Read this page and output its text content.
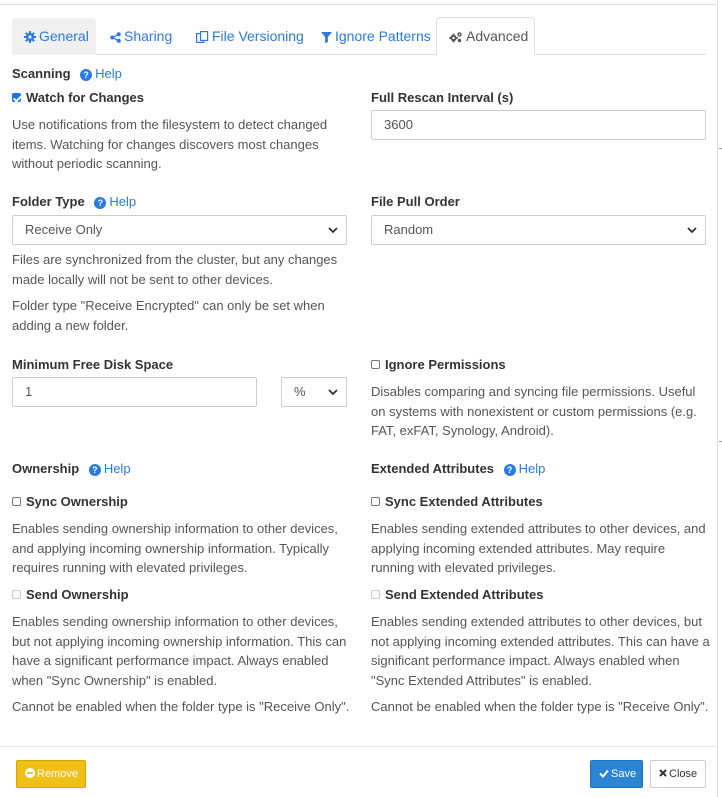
General	Sharing	File Versioning	Ignore Patterns	Advanced
Scanning ? Help
Watch for Changes
Use notifications from the filesystem to detect changed items. Watching for changes discovers most changes without periodic scanning.
Full Rescan Interval (s)
3600
Folder Type ? Help
Receive Only
Files are synchronized from the cluster, but any changes made locally will not be sent to other devices.
Folder type "Receive Encrypted" can only be set when adding a new folder.
File Pull Order
Random
Minimum Free Disk Space
1	%
Ignore Permissions
Disables comparing and syncing file permissions. Useful on systems with nonexistent or custom permissions (e.g. FAT, exFAT, Synology, Android).
Ownership ? Help
Sync Ownership
Enables sending ownership information to other devices, and applying incoming ownership information. Typically requires running with elevated privileges.
Send Ownership
Enables sending ownership information to other devices, but not applying incoming ownership information. This can have a significant performance impact. Always enabled when "Sync Ownership" is enabled.
Cannot be enabled when the folder type is "Receive Only".
Extended Attributes ? Help
Sync Extended Attributes
Enables sending extended attributes to other devices, and applying incoming extended attributes. May require running with elevated privileges.
Send Extended Attributes
Enables sending extended attributes to other devices, but not applying incoming extended attributes. This can have a significant performance impact. Always enabled when "Sync Extended Attributes" is enabled.
Cannot be enabled when the folder type is "Receive Only".
Remove	Save	Close
